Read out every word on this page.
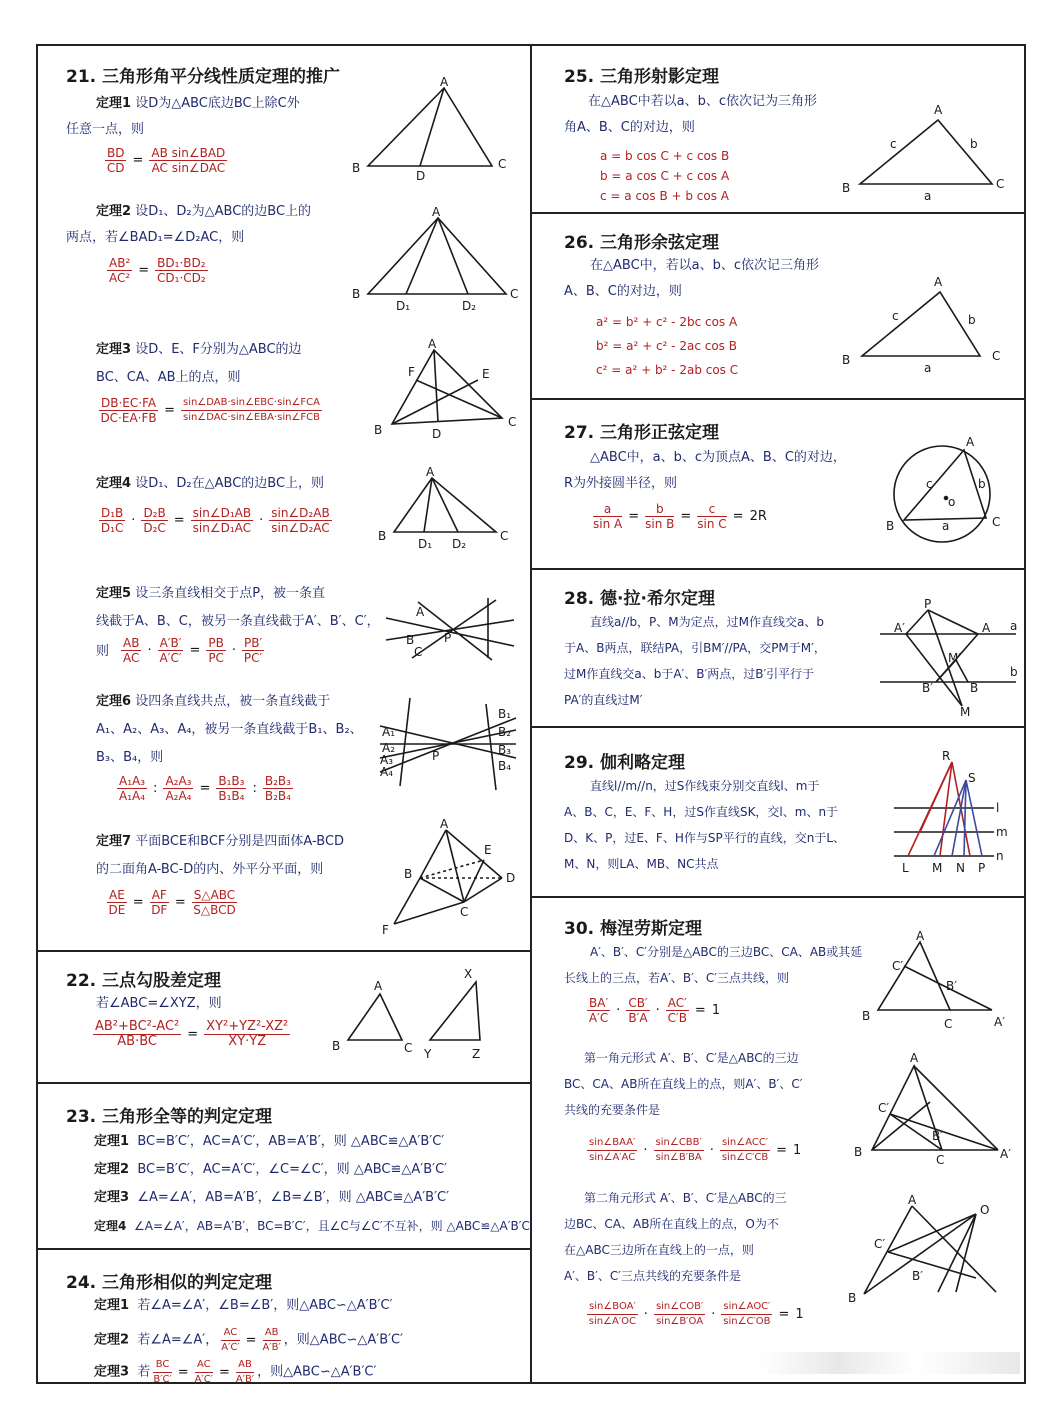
21. 三角形角平分线性质定理的推广
定理1 设D为△ABC底边BC上除C外
任意一点，则
$\frac{BD}{CD} = \frac{\text{AB sin∠BAD}}{\text{AC sin∠DAC}}$
A
B	C
D
定理2 设D₁、D₂为△ABC的边BC上的
两点，若∠BAD₁=∠D₂AC，则
$\frac{\text{AB²}}{\text{AC²}} = \frac{\text{BD₁·BD₂}}{\text{CD₁·CD₂}}$
A
B	C
D₁	D₂
定理3 设D、E、F分别为△ABC的边
BC、CA、AB上的点，则
$\frac{DB\cdot EC\cdot FA}{DC\cdot EA\cdot FB} = \frac{\text{sin∠DAB·sin∠EBC·sin∠FCA}}{\text{sin∠DAC·sin∠EBA·sin∠FCB}}$
A
F	E
B
C
D
定理4 设D₁、D₂在△ABC的边BC上，则
$\frac{\text{D₁B}}{\text{D₁C}} \cdot \frac{\text{D₂B}}{\text{D₂C}} = \frac{\text{sin∠D₁AB}}{\text{sin∠D₁AC}} \cdot \frac{\text{sin∠D₂AB}}{\text{sin∠D₂AC}}$
A
B	C
D₁ D₂
定理5 设三条直线相交于点P，被一条直
线截于A、B、C，被另一条直线截于A′、B′、C′，
则 $\frac{AB}{AC} \cdot \frac{A'B'}{A'C'} = \frac{PB}{PC} \cdot \frac{PB'}{PC'}$	P
A
B
C
定理6 设四条直线共点，被一条直线截于
A₁、A₂、A₃、A₄，被另一条直线截于B₁、B₂、
B₃、B₄，则
$\frac{\text{A₁A₃}}{\text{A₁A₄}}$ : $\frac{\text{A₂A₃}}{\text{A₂A₄}} = \frac{\text{B₁B₃}}{\text{B₁B₄}}$ : $\frac{\text{B₂B₃}}{\text{B₂B₄}}$
P
A₁
A₂
A₃
A₄
B₁
B₂
B₃
B₄
定理7 平面BCE和BCF分别是四面体A-BCD
的二面角A-BC-D的内、外平分平面，则
$\frac{AE}{DE} = \frac{AF}{DF} = \frac{\text{S△ABC}}{\text{S△BCD}}$
A
E
B	D
C
F
22. 三点勾股差定理
若∠ABC=∠XYZ，则
$\frac{\text{AB²+BC²-AC²}}{AB\cdot BC} = \frac{\text{XY²+YZ²-XZ²}}{XY\cdot YZ}$
A
B	C
X
Y	Z
23. 三角形全等的判定定理
定理1 BC=B′C′，AC=A′C′，AB=A′B′，则 △ABC≌△A′B′C′
定理2 BC=B′C′，AC=A′C′，∠C=∠C′，则 △ABC≌△A′B′C′
定理3 ∠A=∠A′，AB=A′B′，∠B=∠B′，则 △ABC≌△A′B′C′
定理4 ∠A=∠A′，AB=A′B′，BC=B′C′，且∠C与∠C′不互补，则 △ABC≌△A′B′C′
24. 三角形相似的判定定理
定理1 若∠A=∠A′，∠B=∠B′，则△ABC∽△A′B′C′
定理2 若∠A=∠A′， $\frac{AC}{A'C'} = \frac{AB}{A'B'}$ ，则△ABC∽△A′B′C′
定理3 若 $\frac{BC}{B'C'} = \frac{AC}{A'C'} = \frac{AB}{A'B'}$ ，则△ABC∽△A′B′C′
25. 三角形射影定理
在△ABC中若以a、b、c依次记为三角形
角A、B、C的对边，则
a = b cos C + c cos B
b = a cos C + c cos A
c = a cos B + b cos A
A
B	C
c	b
a
26. 三角形余弦定理
在△ABC中，若以a、b、c依次记三角形
A、B、C的对边，则
a² = b² + c² - 2bc cos A
b² = a² + c² - 2ac cos B
c² = a² + b² - 2ab cos C
A
B	C
c	b
a
27. 三角形正弦定理
△ABC中，a、b、c为顶点A、B、C的对边，
R为外接圆半径，则
$\frac{a}{\text{sin A}} = \frac{b}{\text{sin B}} = \frac{c}{\text{sin C}} = 2R$
A
B	C
c	b
a
o
28. 德·拉·希尔定理
直线a//b，P、M为定点，过M作直线交a、b
于A、B两点，联结PA，引BM′//PA，交PM于M′，
过M作直线交a、b于A′、B′两点，过B′引平行于
PA′的直线过M′
P
A′	A a
b
M′
B′	B
M
29. 伽利略定理
直线l//m//n，过S作线束分别交直线l、m于
A、B、C，E、F、H，过S作直线SK，交l、m、n于
D、K、P，过E、F、H作与SP平行的直线，交n于L、
M、N，则LA、MB、NC共点
R
S
l
m
n
L M N P
30. 梅涅劳斯定理
A′、B′、C′分别是△ABC的三边BC、CA、AB或其延
长线上的三点，若A′、B′、C′三点共线，则
$\frac{BA'}{A'C} \cdot \frac{CB'}{B'A} \cdot \frac{AC'}{C'B} = 1$
A
C′
B′
B
C	A′
第一角元形式 A′、B′、C′是△ABC的三边
BC、CA、AB所在直线上的点，则A′、B′、C′
共线的充要条件是
$\frac{\text{sin∠BAA′}}{\sin\angle A'AC} \cdot \frac{\text{sin∠CBB′}}{\sin\angle B'BA} \cdot \frac{\text{sin∠ACC′}}{\sin\angle C'CB} = 1$
A
C′
B′
B
C	A′
第二角元形式 A′、B′、C′是△ABC的三
边BC、CA、AB所在直线上的点，O为不
在△ABC三边所在直线上的一点，则
A′、B′、C′三点共线的充要条件是
$\frac{\text{sin∠BOA′}}{\sin\angle A'OC} \cdot \frac{\text{sin∠COB′}}{\sin\angle B'OA} \cdot \frac{\text{sin∠AOC′}}{\sin\angle C'OB} = 1$
A
O
C′
B′
B
